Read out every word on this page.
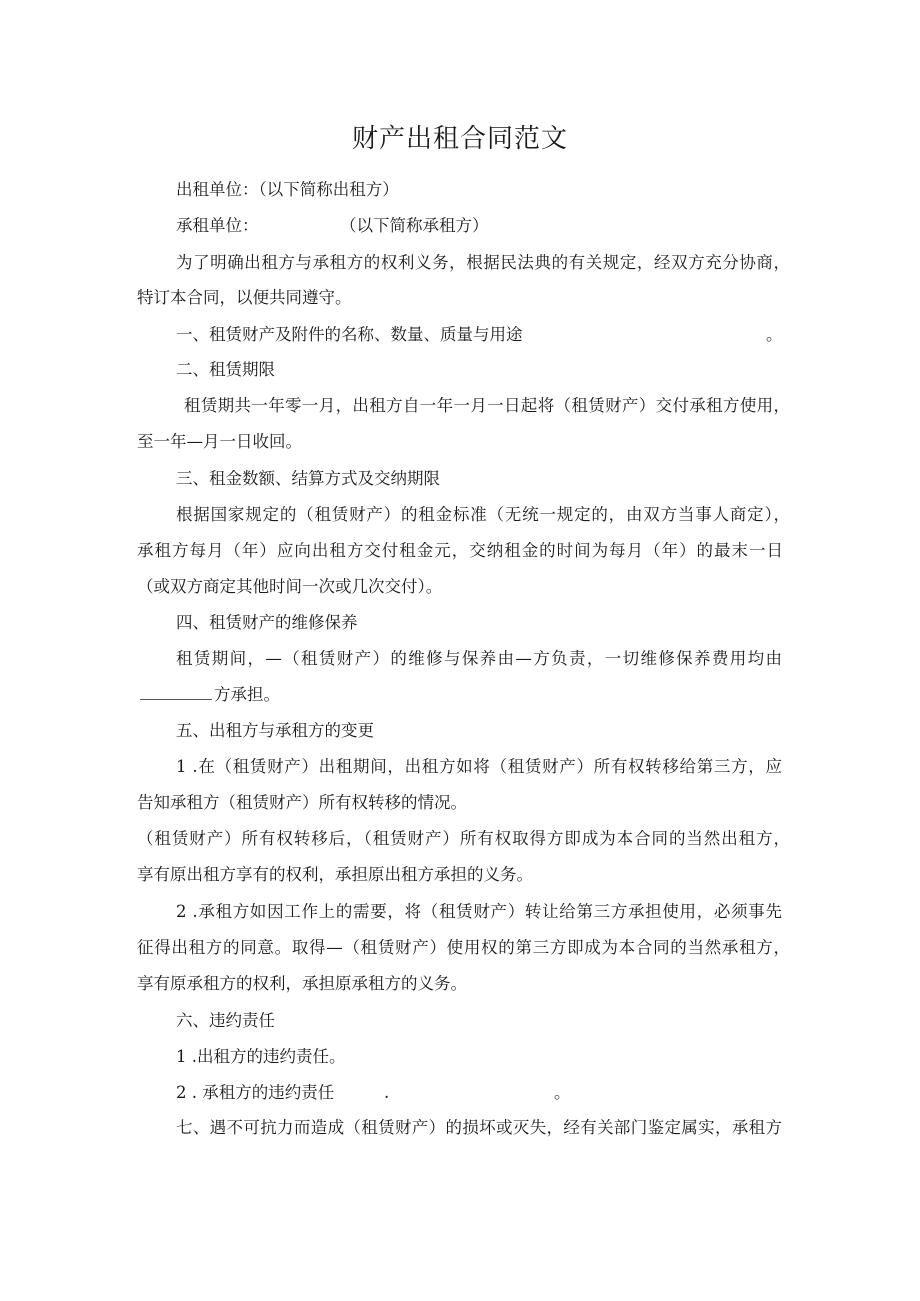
财产出租合同范文

出租单位：（以下简称出租方）

承租单位：	（以下简称承租方）

为了明确出租方与承租方的权利义务，根据民法典的有关规定，经双方充分协商，

特订本合同，以便共同遵守。

一、租赁财产及附件的名称、数量、质量与用途	。

二、租赁期限

租赁期共一年零一月，出租方自一年一月一日起将（租赁财产）交付承租方使用，

至一年—月一日收回。

三、租金数额、结算方式及交纳期限

根据国家规定的（租赁财产）的租金标准（无统一规定的，由双方当事人商定），

承租方每月（年）应向出租方交付租金元，交纳租金的时间为每月（年）的最末一日

（或双方商定其他时间一次或几次交付）。

四、租赁财产的维修保养

租赁期间，—（租赁财产）的维修与保养由—方负责，一切维修保养费用均由

方承担。

五、出租方与承租方的变更

1 .在（租赁财产）出租期间，出租方如将（租赁财产）所有权转移给第三方，应

告知承租方（租赁财产）所有权转移的情况。

（租赁财产）所有权转移后，（租赁财产）所有权取得方即成为本合同的当然出租方，

享有原出租方享有的权利，承担原出租方承担的义务。

2 .承租方如因工作上的需要，将（租赁财产）转让给第三方承担使用，必须事先

征得出租方的同意。取得—（租赁财产）使用权的第三方即成为本合同的当然承租方，

享有原承租方的权利，承担原承租方的义务。

六、违约责任

1 .出租方的违约责任。

2 . 承租方的违约责任	.	。

七、遇不可抗力而造成（租赁财产）的损坏或灭失，经有关部门鉴定属实，承租方
